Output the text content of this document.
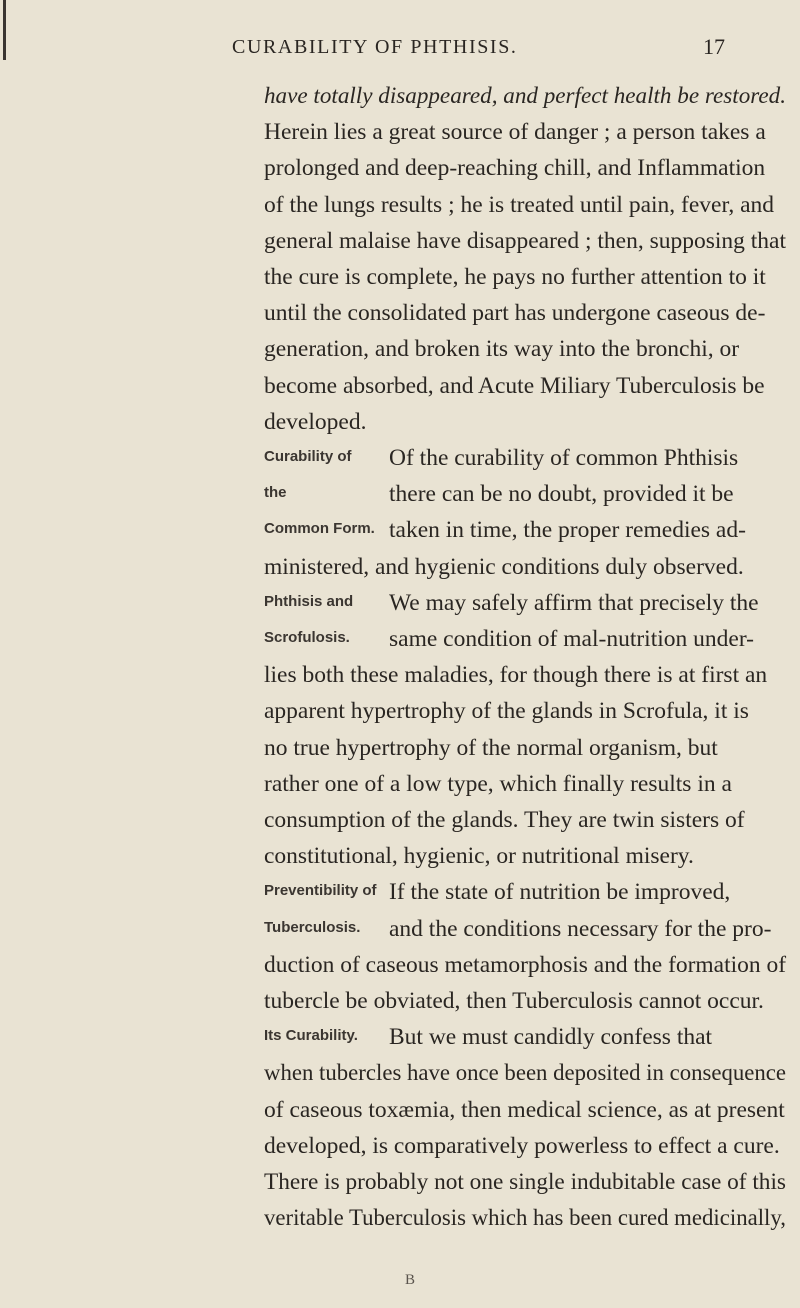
CURABILITY OF PHTHISIS.	17
have totally disappeared, and perfect health be restored.
Herein lies a great source of danger ; a person takes a
prolonged and deep-reaching chill, and Inflammation
of the lungs results ; he is treated until pain, fever, and
general malaise have disappeared ; then, supposing that
the cure is complete, he pays no further attention to it
until the consolidated part has undergone caseous de-
generation, and broken its way into the bronchi, or
become absorbed, and Acute Miliary Tuberculosis be
developed.
Curability of Of the curability of common Phthisis
the	there can be no doubt, provided it be
Common Form. taken in time, the proper remedies ad-
ministered, and hygienic conditions duly observed.
Phthisis and We may safely affirm that precisely the
Scrofulosis. same condition of mal-nutrition under-
lies both these maladies, for though there is at first an
apparent hypertrophy of the glands in Scrofula, it is
no true hypertrophy of the normal organism, but
rather one of a low type, which finally results in a
consumption of the glands. They are twin sisters of
constitutional, hygienic, or nutritional misery.
Preventibility of If the state of nutrition be improved,
Tuberculosis. and the conditions necessary for the pro-
duction of caseous metamorphosis and the formation of
tubercle be obviated, then Tuberculosis cannot occur.
Its Curability. But we must candidly confess that
when tubercles have once been deposited in consequence
of caseous toxæmia, then medical science, as at present
developed, is comparatively powerless to effect a cure.
There is probably not one single indubitable case of this
veritable Tuberculosis which has been cured medicinally,
B
